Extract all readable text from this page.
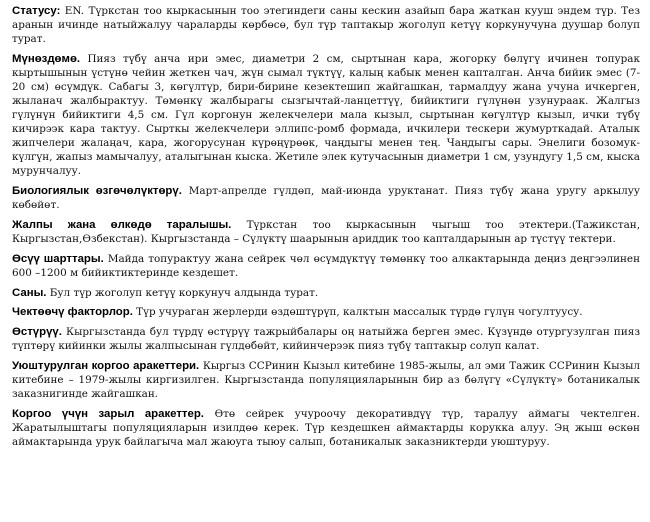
Статусу: EN. Түркстан тоо кыркасынын тоо этегиндеги саны кескин азайып бара жаткан кууш эндем түр. Тез аранын ичинде натыйжалуу чараларды көрбөсө, бул түр таптакыр жоголуп кетүү коркунучуна дуушар болуп турат.

Мүнөздөмө. Пияз түбү анча ири эмес, диаметри 2 см, сыртынан кара, жогорку бөлүгү ичинен топурак кыртышынын үстүнө чейин жеткен чач, жүн сымал түктүү, калың кабык менен капталган. Анча бийик эмес (7-20 см) өсүмдүк. Сабагы 3, көгүлтүр, бири-бирине кезектешип жайгашкан, тармалдуу жана учуна ичкерген, жыланач жалбырактуу. Төмөнкү жалбырагы сызгычтай-ланцеттүү, бийиктиги гүлүнөн узунураак. Жалгыз гүлүнүн бийиктиги 4,5 см. Гүл коргонун желекчелери мала кызыл, сыртынан көгүлтүр кызыл, ички түбү кичирээк кара тактуу. Сырткы желекчелери эллипс-ромб формада, ичкилери тескери жумурткадай. Аталык жипчелери жалаңач, кара, жогорусунан күрөңүрөөк, чаңдыгы менен тең. Чаңдыгы сары. Энелиги бозомук-күлгүн, жапыз мамычалуу, аталыгынан кыска. Жетиле элек кутучасынын диаметри 1 см, узундугу 1,5 см, кыска мурунчалуу.

Биологиялык өзгөчөлүктөрү. Март-апрелде гүлдөп, май-июнда уруктанат. Пияз түбү жана уругу аркылуу көбөйөт.

Жалпы жана өлкөдө таралышы. Түркстан тоо кыркасынын чыгыш тоо этектери.(Тажикстан, Кыргызстан,Өзбекстан). Кыргызстанда – Сүлүктү шаарынын ариддик тоо капталдарынын ар түстүү тектери.

Өсүү шарттары. Майда топурактуу жана сейрек чөл өсүмдүктүү төмөнкү тоо алкактарында деңиз деңгээлинен 600 –1200 м бийиктиктеринде кездешет.

Саны. Бул түр жоголуп кетүү коркунуч алдында турат.

Чектөөчү факторлор. Түр учураган жерлерди өздөштүрүп, калктын массалык түрдө гүлүн чогултуусу.

Өстүрүү. Кыргызстанда бул түрдү өстүрүү тажрыйбалары оң натыйжа берген эмес. Күзүндө отургузулган пияз түптөрү кийинки жылы жалпысынан гүлдөбөйт, кийинчерээк пияз түбү таптакыр солуп калат.

Уюштурулган коргоо аракеттери. Кыргыз ССРинин Кызыл китебине 1985-жылы, ал эми Тажик ССРинин Кызыл китебине – 1979-жылы киргизилген. Кыргызстанда популяцияларынын бир аз бөлүгү «Сүлүктү» ботаникалык заказнигинде жайгашкан.

Коргоо үчүн зарыл аракеттер. Өтө сейрек учуроочу декоративдүү түр, таралуу аймагы чектелген. Жаратылыштагы популяцияларын изилдөө керек. Түр кездешкен аймактарды корукка алуу. Эң жыш өскөн аймактарында урук байлагыча мал жаюуга тыюу салып, ботаникалык заказниктерди уюштуруу.
